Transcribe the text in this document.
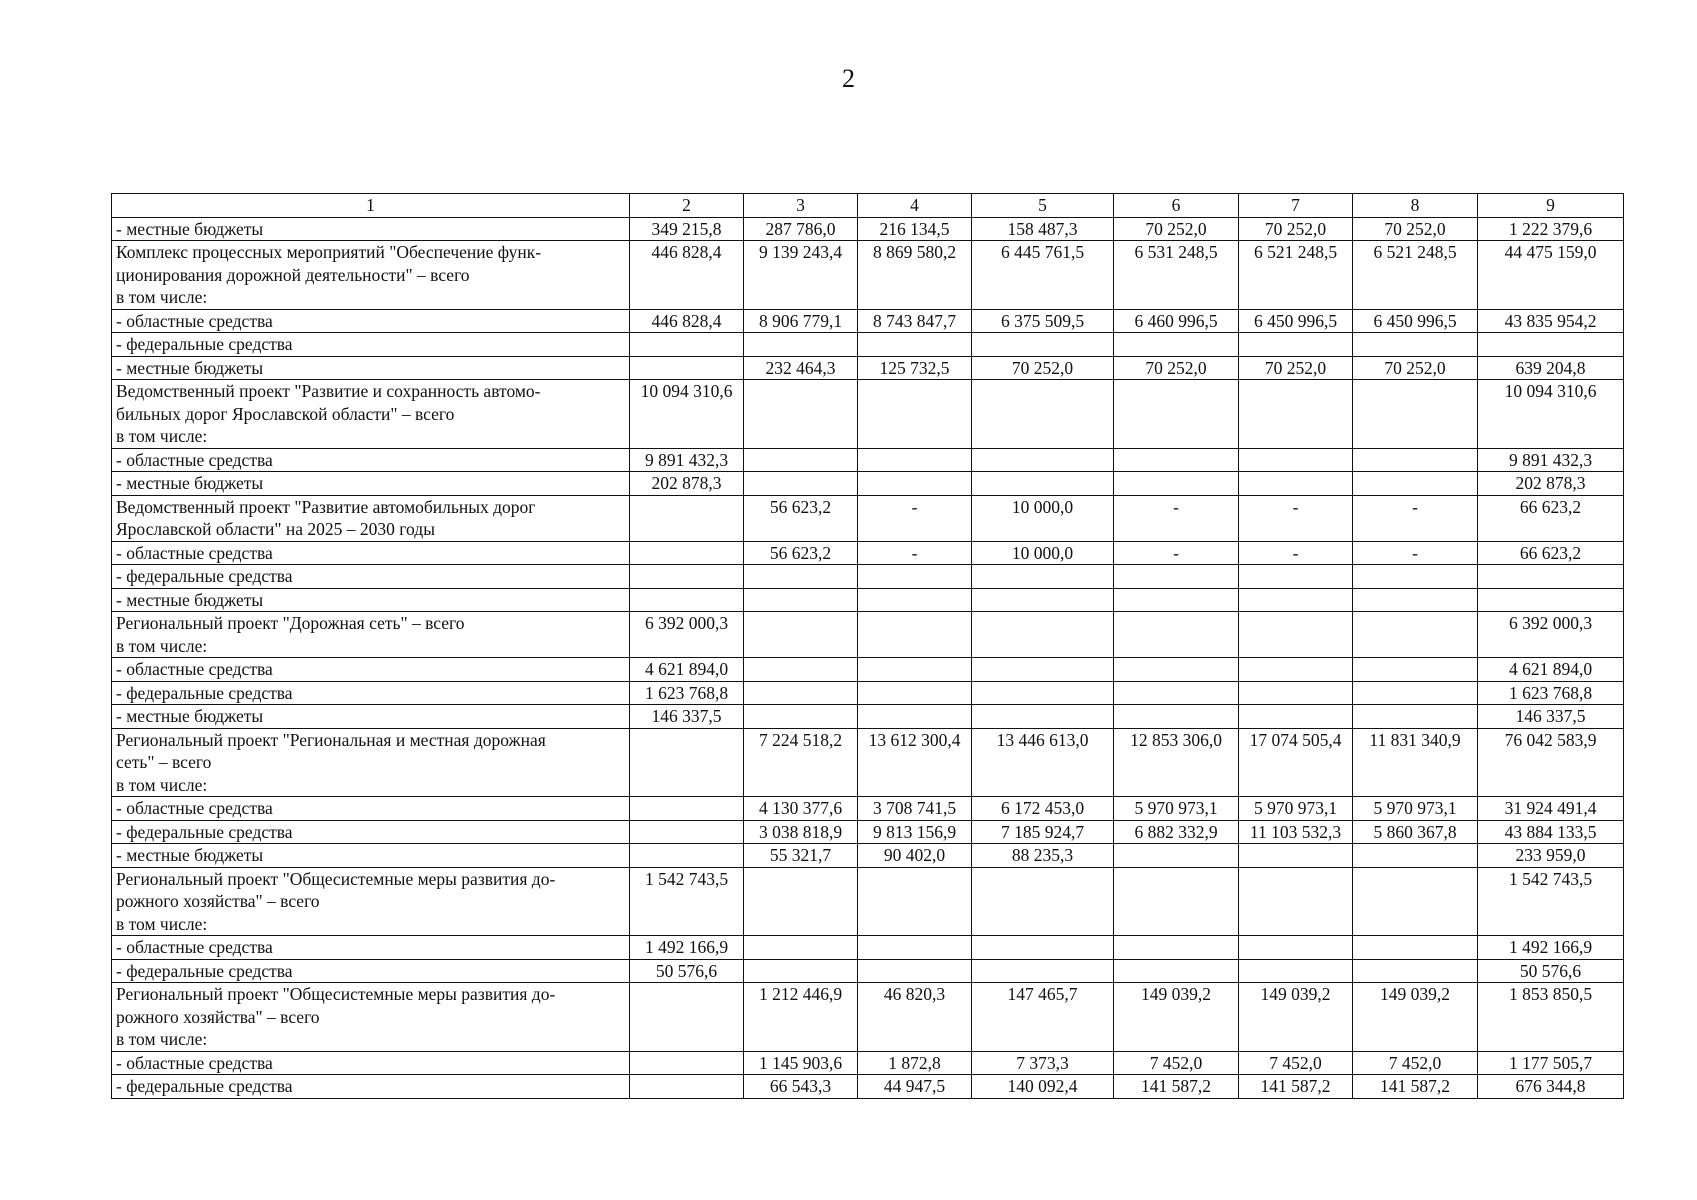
2
1	2	3	4	5	6	7	8	9

- местные бюджеты	349 215,8	287 786,0	216 134,5	158 487,3	70 252,0	70 252,0	70 252,0	1 222 379,6

Комплекс процессных мероприятий "Обеспечение функ-
ционирования дорожной деятельности" – всего
в том числе:	446 828,4	9 139 243,4	8 869 580,2	6 445 761,5	6 531 248,5	6 521 248,5	6 521 248,5	44 475 159,0

- областные средства	446 828,4	8 906 779,1	8 743 847,7	6 375 509,5	6 460 996,5	6 450 996,5	6 450 996,5	43 835 954,2

- федеральные средства								

- местные бюджеты		232 464,3	125 732,5	70 252,0	70 252,0	70 252,0	70 252,0	639 204,8

Ведомственный проект "Развитие и сохранность автомо-
бильных дорог Ярославской области" – всего
в том числе:	10 094 310,6							10 094 310,6

- областные средства	9 891 432,3							9 891 432,3

- местные бюджеты	202 878,3							202 878,3

Ведомственный проект "Развитие автомобильных дорог
Ярославской области" на 2025 – 2030 годы		56 623,2	-	10 000,0	-	-	-	66 623,2

- областные средства		56 623,2	-	10 000,0	-	-	-	66 623,2

- федеральные средства								

- местные бюджеты								

Региональный проект "Дорожная сеть" – всего
в том числе:	6 392 000,3							6 392 000,3

- областные средства	4 621 894,0							4 621 894,0

- федеральные средства	1 623 768,8							1 623 768,8

- местные бюджеты	146 337,5							146 337,5

Региональный проект "Региональная и местная дорожная
сеть" – всего
в том числе:		7 224 518,2	13 612 300,4	13 446 613,0	12 853 306,0	17 074 505,4	11 831 340,9	76 042 583,9

- областные средства		4 130 377,6	3 708 741,5	6 172 453,0	5 970 973,1	5 970 973,1	5 970 973,1	31 924 491,4

- федеральные средства		3 038 818,9	9 813 156,9	7 185 924,7	6 882 332,9	11 103 532,3	5 860 367,8	43 884 133,5

- местные бюджеты		55 321,7	90 402,0	88 235,3				233 959,0

Региональный проект "Общесистемные меры развития до-
рожного хозяйства" – всего
в том числе:	1 542 743,5							1 542 743,5

- областные средства	1 492 166,9							1 492 166,9

- федеральные средства	50 576,6							50 576,6

Региональный проект "Общесистемные меры развития до-
рожного хозяйства" – всего
в том числе:		1 212 446,9	46 820,3	147 465,7	149 039,2	149 039,2	149 039,2	1 853 850,5

- областные средства		1 145 903,6	1 872,8	7 373,3	7 452,0	7 452,0	7 452,0	1 177 505,7

- федеральные средства		66 543,3	44 947,5	140 092,4	141 587,2	141 587,2	141 587,2	676 344,8
